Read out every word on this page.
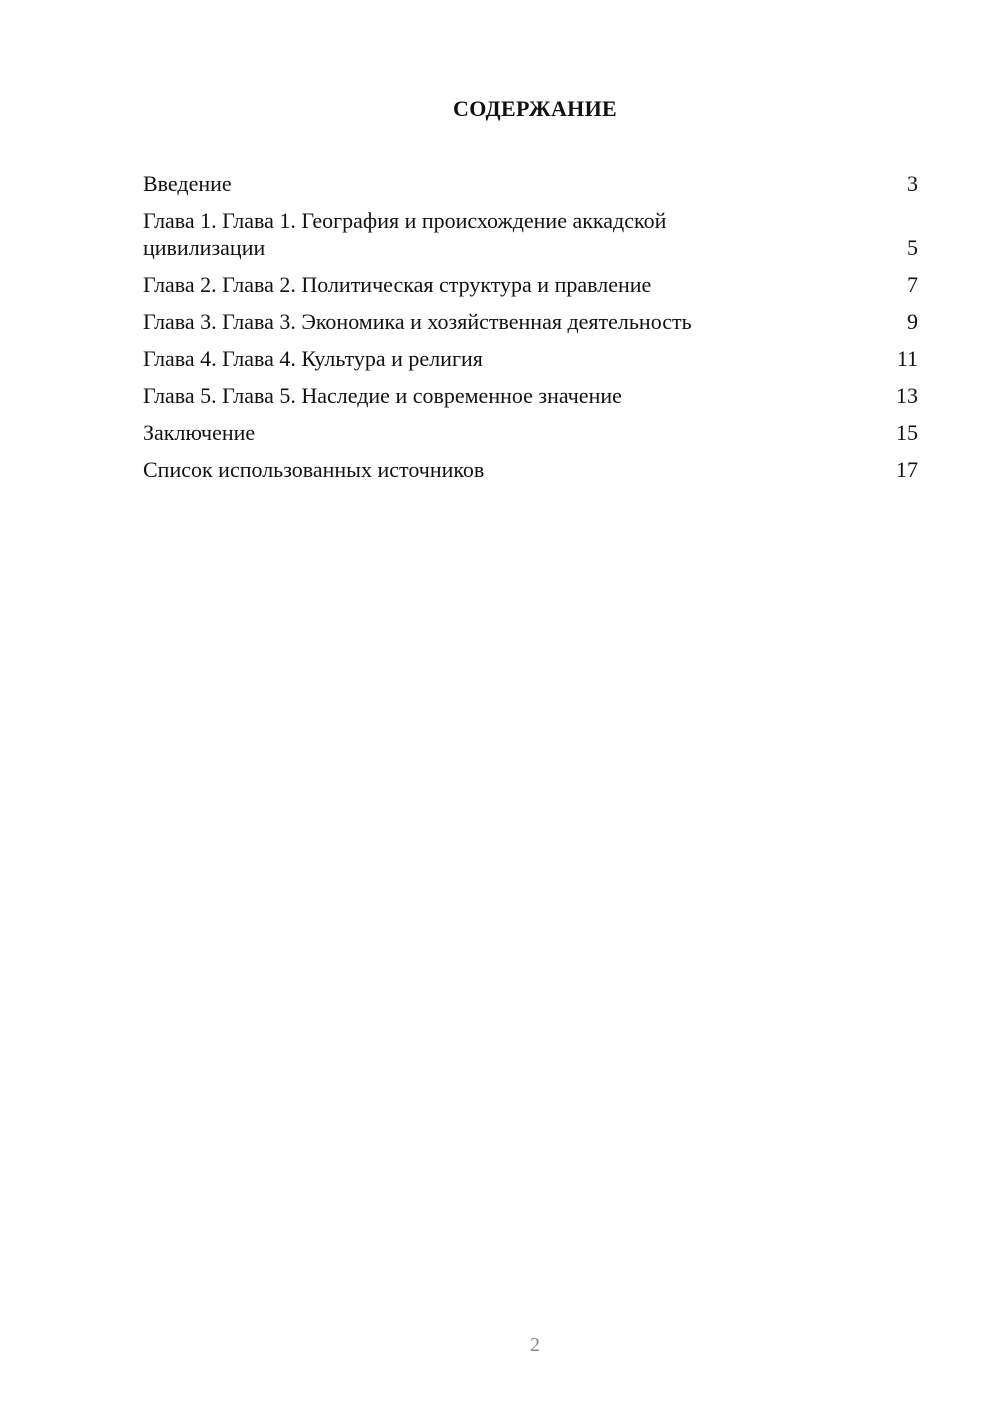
СОДЕРЖАНИЕ
Введение	3
Глава 1. Глава 1. География и происхождение аккадской цивилизации	5
Глава 2. Глава 2. Политическая структура и правление	7
Глава 3. Глава 3. Экономика и хозяйственная деятельность	9
Глава 4. Глава 4. Культура и религия	11
Глава 5. Глава 5. Наследие и современное значение	13
Заключение	15
Список использованных источников	17
2
